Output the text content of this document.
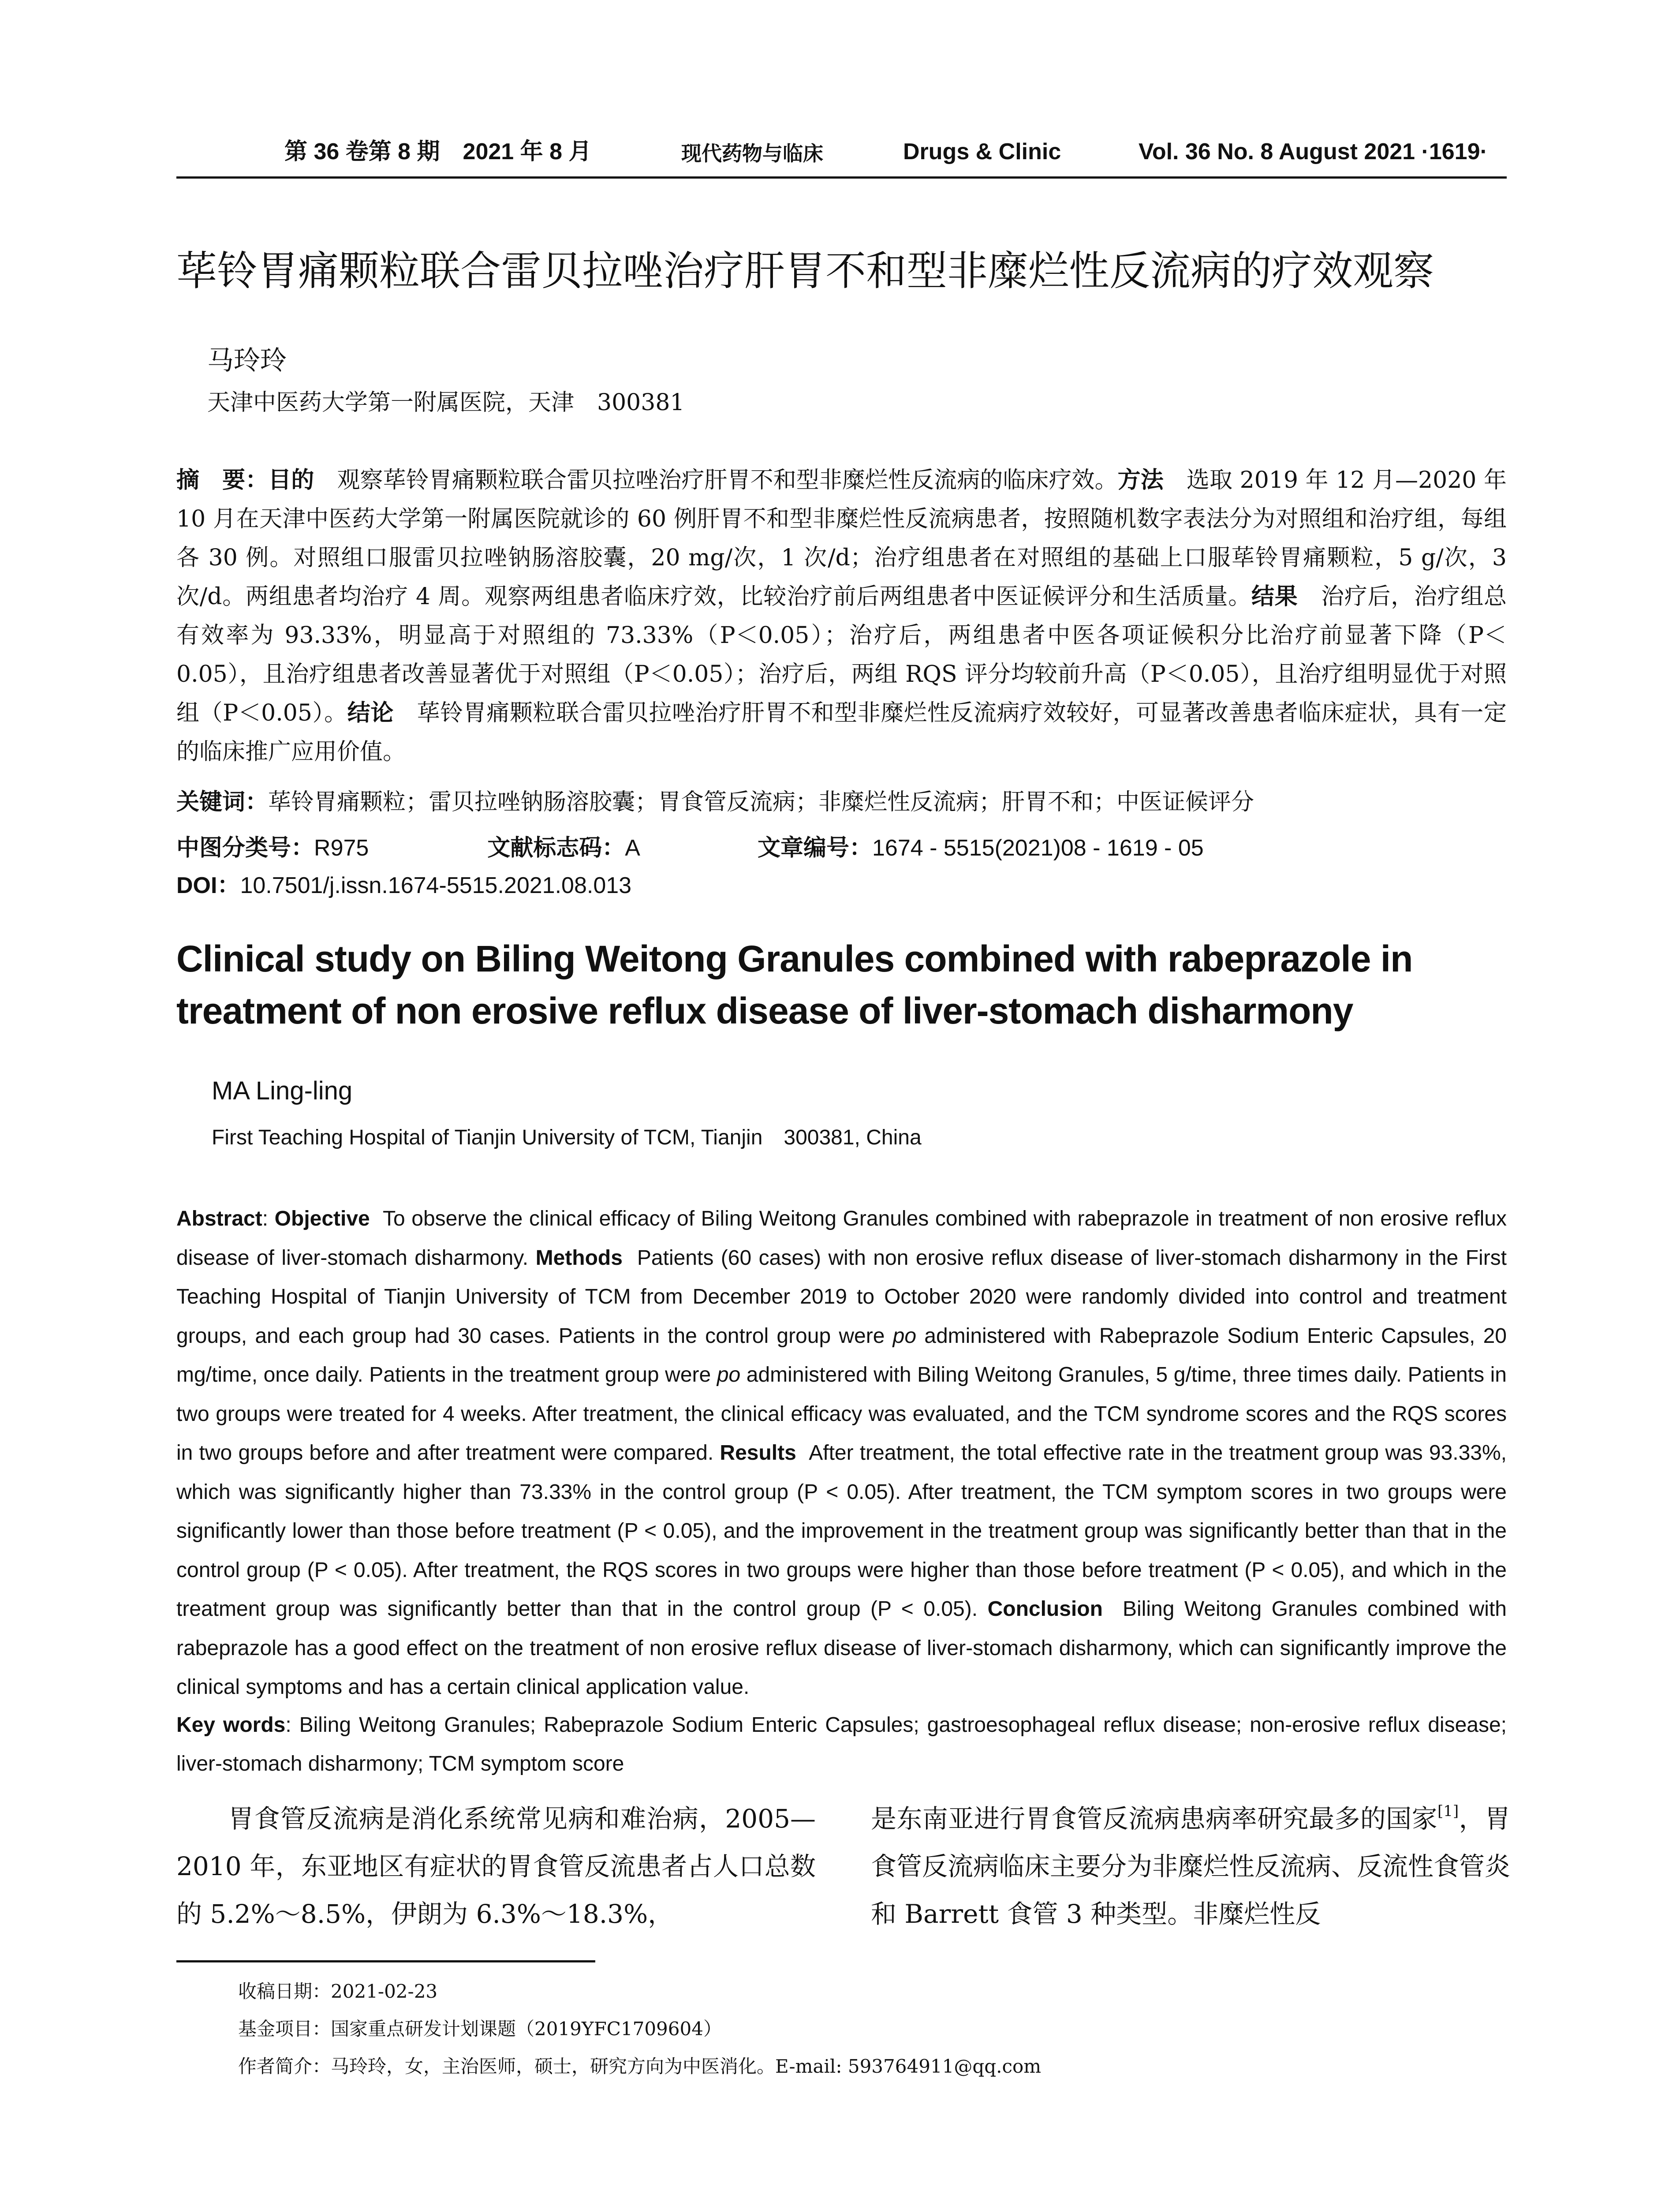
第 36 卷第 8 期　2021 年 8 月	现代药物与临床	Drugs & Clinic	Vol. 36 No. 8 August 2021 ·1619·
荜铃胃痛颗粒联合雷贝拉唑治疗肝胃不和型非糜烂性反流病的疗效观察
马玲玲
天津中医药大学第一附属医院，天津　300381
摘　要：目的　 观察荜铃胃痛颗粒联合雷贝拉唑治疗肝胃不和型非糜烂性反流病的临床疗效。方法　 选取 2019 年 12 月—2020 年 10 月在天津中医药大学第一附属医院就诊的 60 例肝胃不和型非糜烂性反流病患者，按照随机数字表法分为对照组和治疗组，每组各 30 例。对照组口服雷贝拉唑钠肠溶胶囊，20 mg/次，1 次/d；治疗组患者在对照组的基础上口服荜铃胃痛颗粒，5 g/次，3 次/d。两组患者均治疗 4 周。观察两组患者临床疗效，比较治疗前后两组患者中医证候评分和生活质量。结果　 治疗后，治疗组总有效率为 93.33%，明显高于对照组的 73.33%（P＜0.05）；治疗后，两组患者中医各项证候积分比治疗前显著下降（P＜0.05），且治疗组患者改善显著优于对照组（P＜0.05）；治疗后，两组 RQS 评分均较前升高（P＜0.05），且治疗组明显优于对照组（P＜0.05）。结论　 荜铃胃痛颗粒联合雷贝拉唑治疗肝胃不和型非糜烂性反流病疗效较好，可显著改善患者临床症状，具有一定的临床推广应用价值。
关键词：荜铃胃痛颗粒；雷贝拉唑钠肠溶胶囊；胃食管反流病；非糜烂性反流病；肝胃不和；中医证候评分
中图分类号：R975	文献标志码：A	文章编号：1674 - 5515(2021)08 - 1619 - 05
DOI：10.7501/j.issn.1674-5515.2021.08.013
Clinical study on Biling Weitong Granules combined with rabeprazole in treatment of non erosive reflux disease of liver-stomach disharmony
MA Ling-ling
First Teaching Hospital of Tianjin University of TCM, Tianjin　300381, China
Abstract: Objective To observe the clinical efficacy of Biling Weitong Granules combined with rabeprazole in treatment of non erosive reflux disease of liver-stomach disharmony. Methods Patients (60 cases) with non erosive reflux disease of liver-stomach disharmony in the First Teaching Hospital of Tianjin University of TCM from December 2019 to October 2020 were randomly divided into control and treatment groups, and each group had 30 cases. Patients in the control group were po administered with Rabeprazole Sodium Enteric Capsules, 20 mg/time, once daily. Patients in the treatment group were po administered with Biling Weitong Granules, 5 g/time, three times daily. Patients in two groups were treated for 4 weeks. After treatment, the clinical efficacy was evaluated, and the TCM syndrome scores and the RQS scores in two groups before and after treatment were compared. Results After treatment, the total effective rate in the treatment group was 93.33%, which was significantly higher than 73.33% in the control group (P < 0.05). After treatment, the TCM symptom scores in two groups were significantly lower than those before treatment (P < 0.05), and the improvement in the treatment group was significantly better than that in the control group (P < 0.05). After treatment, the RQS scores in two groups were higher than those before treatment (P < 0.05), and which in the treatment group was significantly better than that in the control group (P < 0.05). Conclusion Biling Weitong Granules combined with rabeprazole has a good effect on the treatment of non erosive reflux disease of liver-stomach disharmony, which can significantly improve the clinical symptoms and has a certain clinical application value.
Key words: Biling Weitong Granules; Rabeprazole Sodium Enteric Capsules; gastroesophageal reflux disease; non-erosive reflux disease; liver-stomach disharmony; TCM symptom score
胃食管反流病是消化系统常见病和难治病，2005—2010 年，东亚地区有症状的胃食管反流患者占人口总数的 5.2%～8.5%，伊朗为 6.3%～18.3%，
是东南亚进行胃食管反流病患病率研究最多的国家[1]，胃食管反流病临床主要分为非糜烂性反流病、反流性食管炎和 Barrett 食管 3 种类型。非糜烂性反
收稿日期：2021-02-23
基金项目：国家重点研发计划课题（2019YFC1709604）
作者简介：马玲玲，女，主治医师，硕士，研究方向为中医消化。E-mail: 593764911@qq.com
